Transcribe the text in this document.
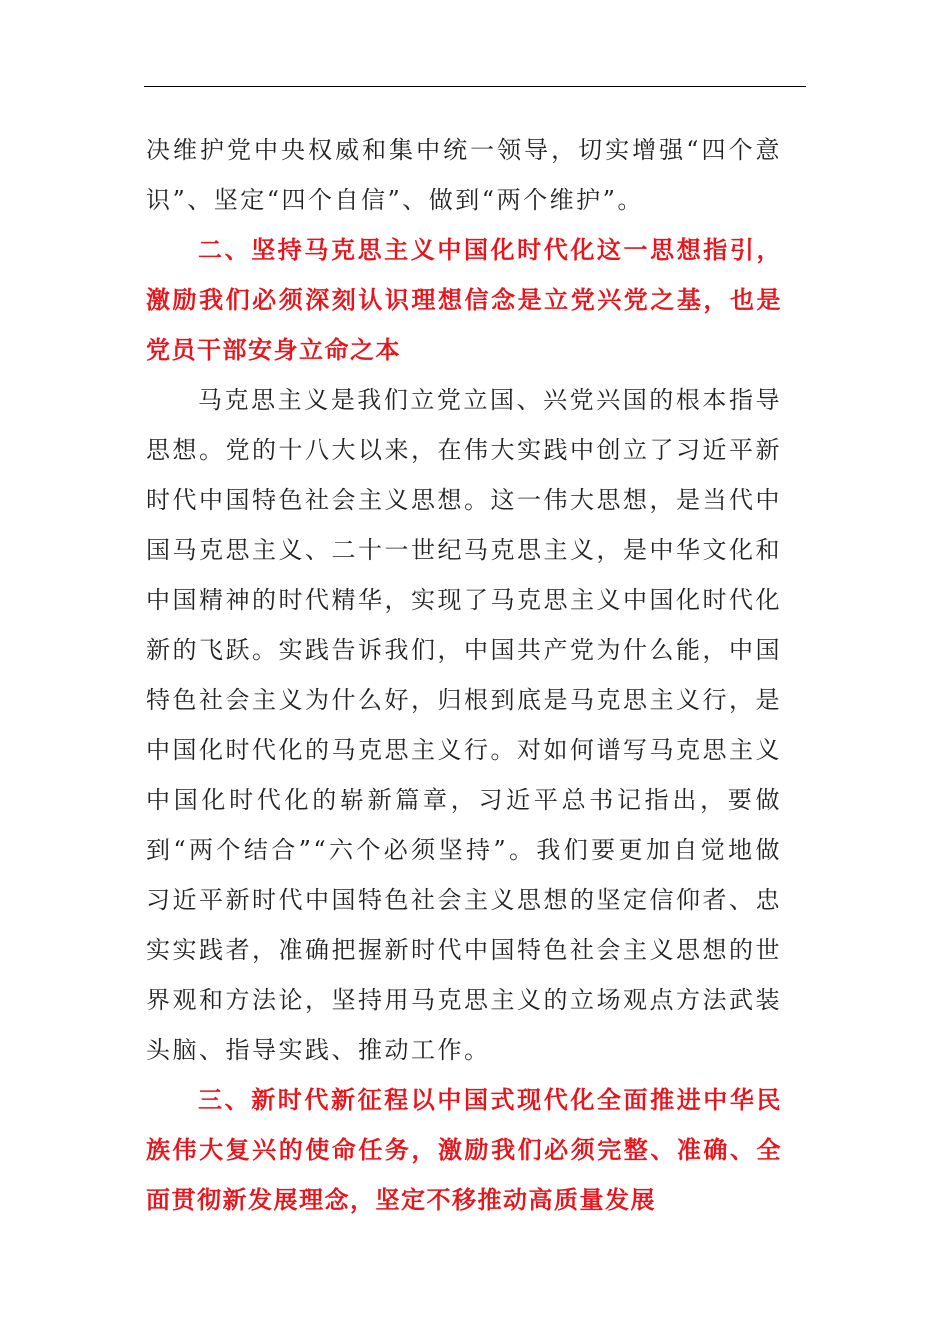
决维护党中央权威和集中统一领导，切实增强“四个意识”、坚定“四个自信”、做到“两个维护”。

二、坚持马克思主义中国化时代化这一思想指引，激励我们必须深刻认识理想信念是立党兴党之基，也是党员干部安身立命之本

马克思主义是我们立党立国、兴党兴国的根本指导思想。党的十八大以来，在伟大实践中创立了习近平新时代中国特色社会主义思想。这一伟大思想，是当代中国马克思主义、二十一世纪马克思主义，是中华文化和中国精神的时代精华，实现了马克思主义中国化时代化新的飞跃。实践告诉我们，中国共产党为什么能，中国特色社会主义为什么好，归根到底是马克思主义行，是中国化时代化的马克思主义行。对如何谱写马克思主义中国化时代化的崭新篇章，习近平总书记指出，要做到“两个结合”“六个必须坚持”。我们要更加自觉地做习近平新时代中国特色社会主义思想的坚定信仰者、忠实实践者，准确把握新时代中国特色社会主义思想的世界观和方法论，坚持用马克思主义的立场观点方法武装头脑、指导实践、推动工作。

三、新时代新征程以中国式现代化全面推进中华民族伟大复兴的使命任务，激励我们必须完整、准确、全面贯彻新发展理念，坚定不移推动高质量发展
